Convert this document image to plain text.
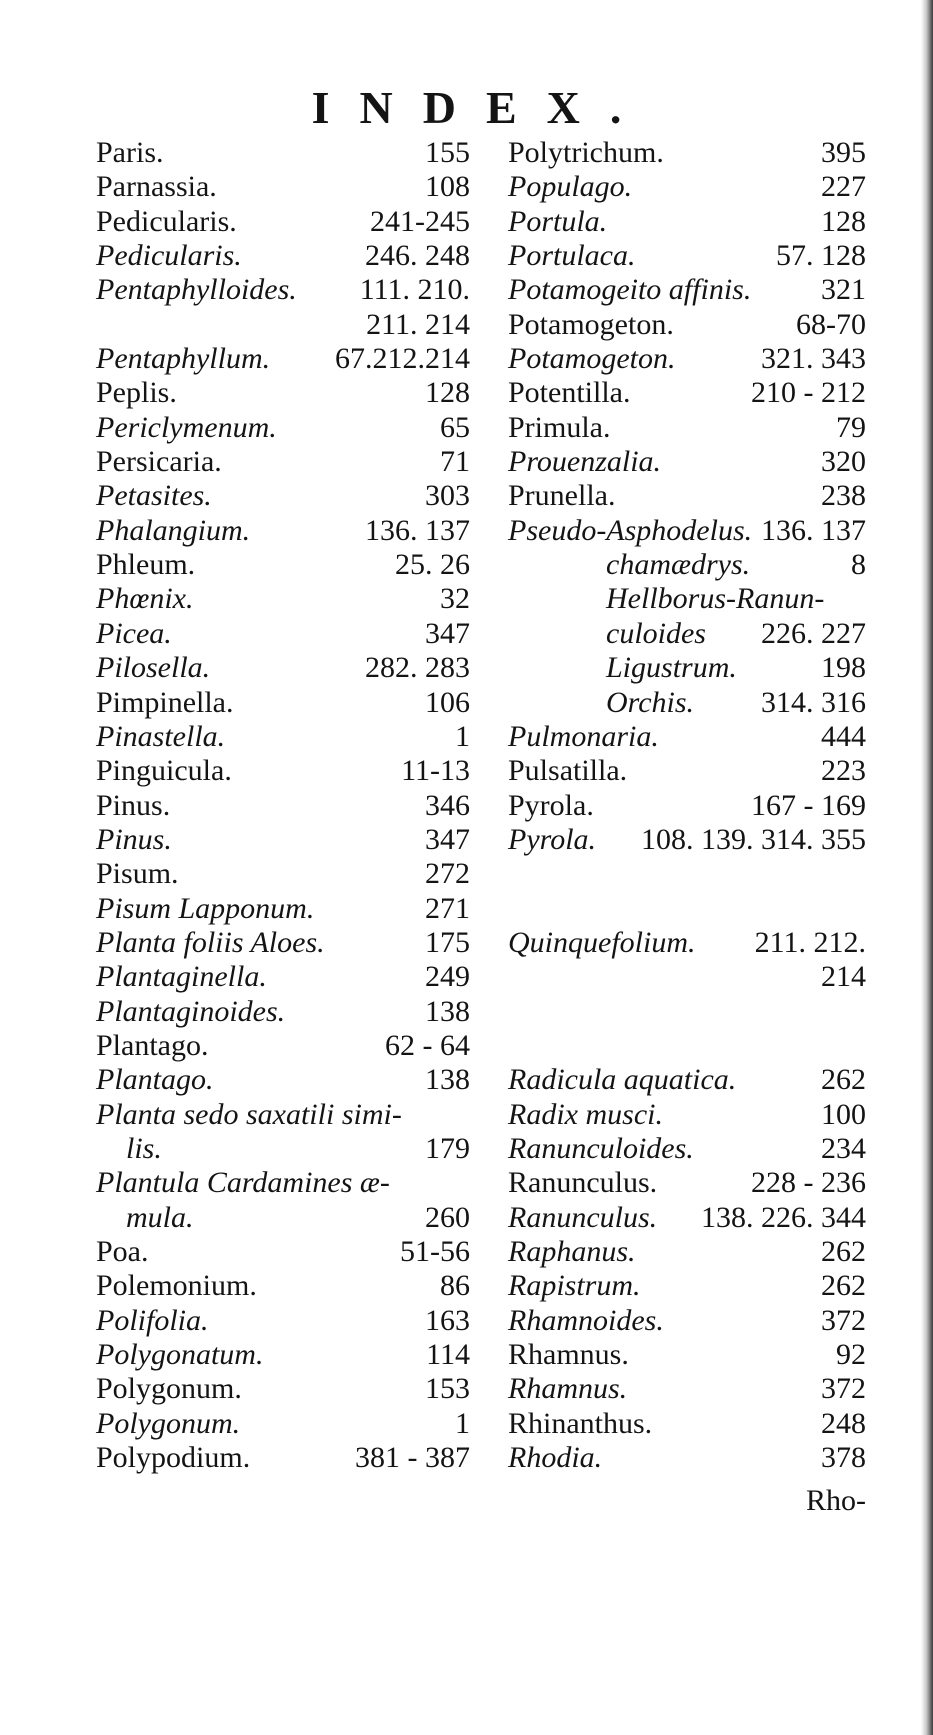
INDEX.
Paris.	155
Parnassia.	108
Pedicularis.	241-245
Pedicularis.	246. 248
Pentaphylloides. 111. 210.
211. 214
Pentaphyllum. 67.212.214
Peplis.	128
Periclymenum.	65
Persicaria.	71
Petasites.	303
Phalangium.	136. 137
Phleum.	25. 26
Phœnix.	32
Picea.	347
Pilosella.	282. 283
Pimpinella.	106
Pinastella.	1
Pinguicula.	11-13
Pinus.	346
Pinus.	347
Pisum.	272
Pisum Lapponum.	271
Planta foliis Aloes.	175
Plantaginella.	249
Plantaginoides.	138
Plantago.	62 - 64
Plantago.	138
Planta sedo saxatili simi-
lis.	179
Plantula Cardamines æ-
mula.	260
Poa.	51-56
Polemonium.	86
Polifolia.	163
Polygonatum.	114
Polygonum.	153
Polygonum.	1
Polypodium.	381 - 387
Polytrichum.	395
Populago.	227
Portula.	128
Portulaca.	57. 128
Potamogeito affinis. 321
Potamogeton.	68-70
Potamogeton.	321. 343
Potentilla.	210 - 212
Primula.	79
Prouenzalia.	320
Prunella.	238
Pseudo-Asphodelus. 136. 137
chamædrys.	8
Hellborus-Ranun-
culoides 226. 227
Ligustrum.	198
Orchis. 314. 316
Pulmonaria.	444
Pulsatilla.	223
Pyrola.	167 - 169
Pyrola. 108. 139. 314. 355
Quinquefolium. 211. 212.
214
Radicula aquatica.	262
Radix musci.	100
Ranunculoides.	234
Ranunculus.	228 - 236
Ranunculus. 138. 226. 344
Raphanus.	262
Rapistrum.	262
Rhamnoides.	372
Rhamnus.	92
Rhamnus.	372
Rhinanthus.	248
Rhodia.	378
Rho-
